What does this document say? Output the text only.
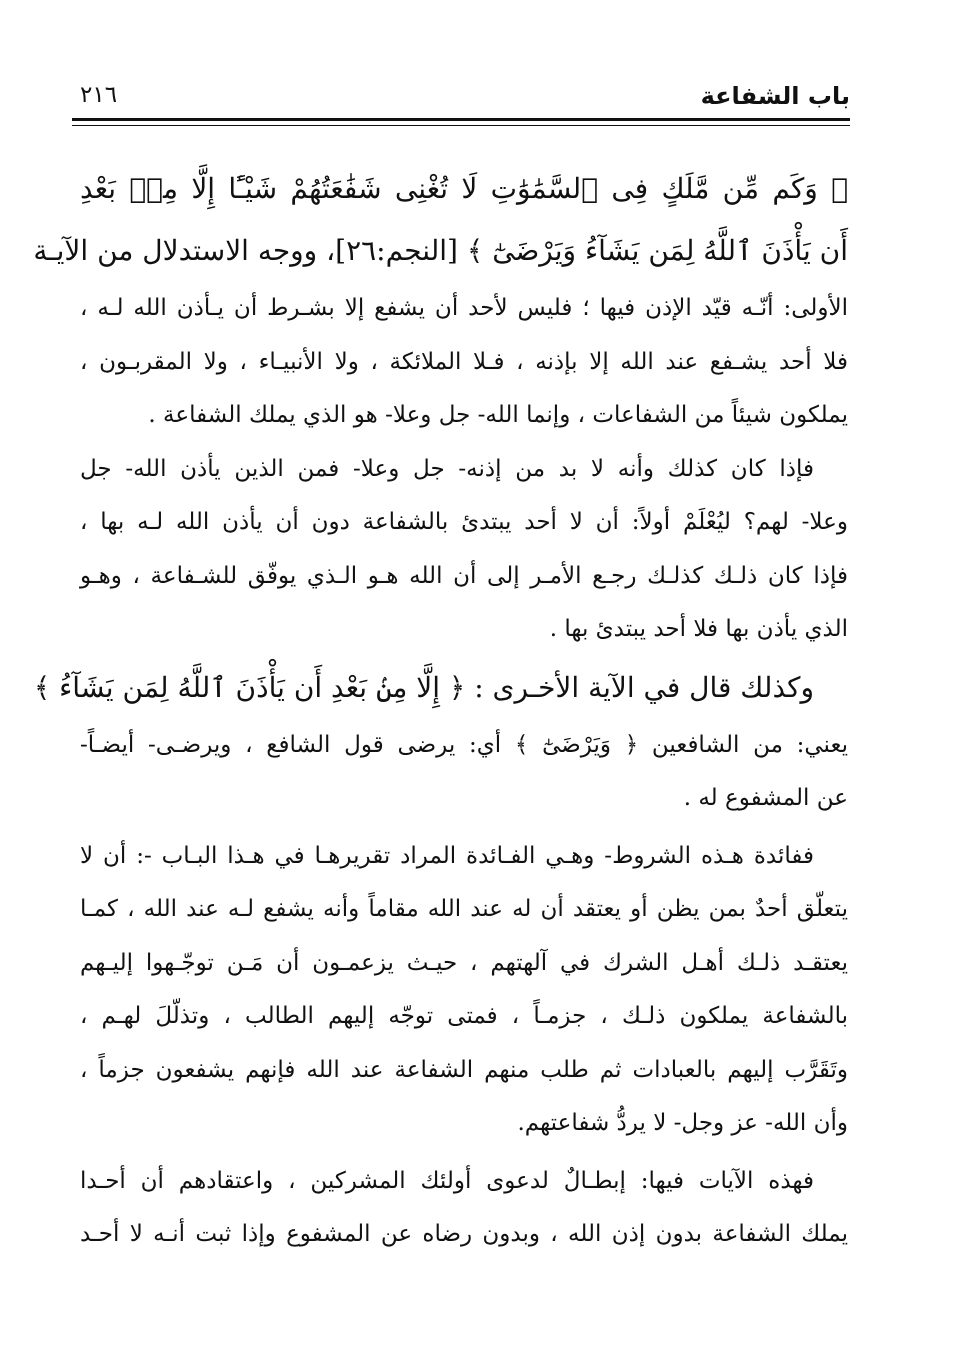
باب الشفاعة
٢١٦
﴿ وَكَم مِّن مَّلَكٍ فِى ٱلسَّمَٰوَٰتِ لَا تُغْنِى شَفَٰعَتُهُمْ شَيْـًٔا إِلَّا مِنۢ بَعْدِ
أَن يَأْذَنَ ٱللَّهُ لِمَن يَشَآءُ وَيَرْضَىٰٓ ﴾ [النجم:٢٦]، ووجه الاستدلال من الآيـة
الأولى: أنّـه قيّد الإذن فيها ؛ فليس لأحد أن يشفع إلا بشـرط أن يـأذن الله لـه ،
فلا أحد يشـفع عند الله إلا بإذنه ، فـلا الملائكة ، ولا الأنبيـاء ، ولا المقربـون ،
يملكون شيئاً من الشفاعات ، وإنما الله- جل وعلا- هو الذي يملك الشفاعة .
فإذا كان كذلك وأنه لا بد من إذنه- جل وعلا- فمن الذين يأذن الله- جل
وعلا- لهم؟ ليُعْلَمْ أولاً: أن لا أحد يبتدئ بالشفاعة دون أن يأذن الله لـه بها ،
فإذا كان ذلـك كذلـك رجـع الأمـر إلى أن الله هـو الـذي يوفّق للشـفاعة ، وهـو
الذي يأذن بها فلا أحد يبتدئ بها .
وكذلك قال في الآية الأخـرى : ﴿ إِلَّا مِنۢ بَعْدِ أَن يَأْذَنَ ٱللَّهُ لِمَن يَشَآءُ ﴾
يعني: من الشافعين ﴿ وَيَرْضَىٰٓ ﴾ أي: يرضى قول الشافع ، ويرضـى- أيضـاً-
عن المشفوع له .
ففائدة هـذه الشروط- وهـي الفـائدة المراد تقريرهـا في هـذا البـاب -: أن لا
يتعلّق أحدٌ بمن يظن أو يعتقد أن له عند الله مقاماً وأنه يشفع لـه عند الله ، كمـا
يعتقـد ذلـك أهـل الشرك في آلهتهم ، حيـث يزعمـون أن مَـن توجّـهوا إليـهم
بالشفاعة يملكون ذلـك ، جزمـاً ، فمتى توجّه إليهم الطالب ، وتذلّلَ لهـم ،
وتَقَرَّب إليهم بالعبادات ثم طلب منهم الشفاعة عند الله فإنهم يشفعون جزماً ،
وأن الله- عز وجل- لا يردُّ شفاعتهم.
فهذه الآيات فيها: إبطـالٌ لدعوى أولئك المشركين ، واعتقادهم أن أحـدا
يملك الشفاعة بدون إذن الله ، وبدون رضاه عن المشفوع وإذا ثبت أنـه لا أحـد
